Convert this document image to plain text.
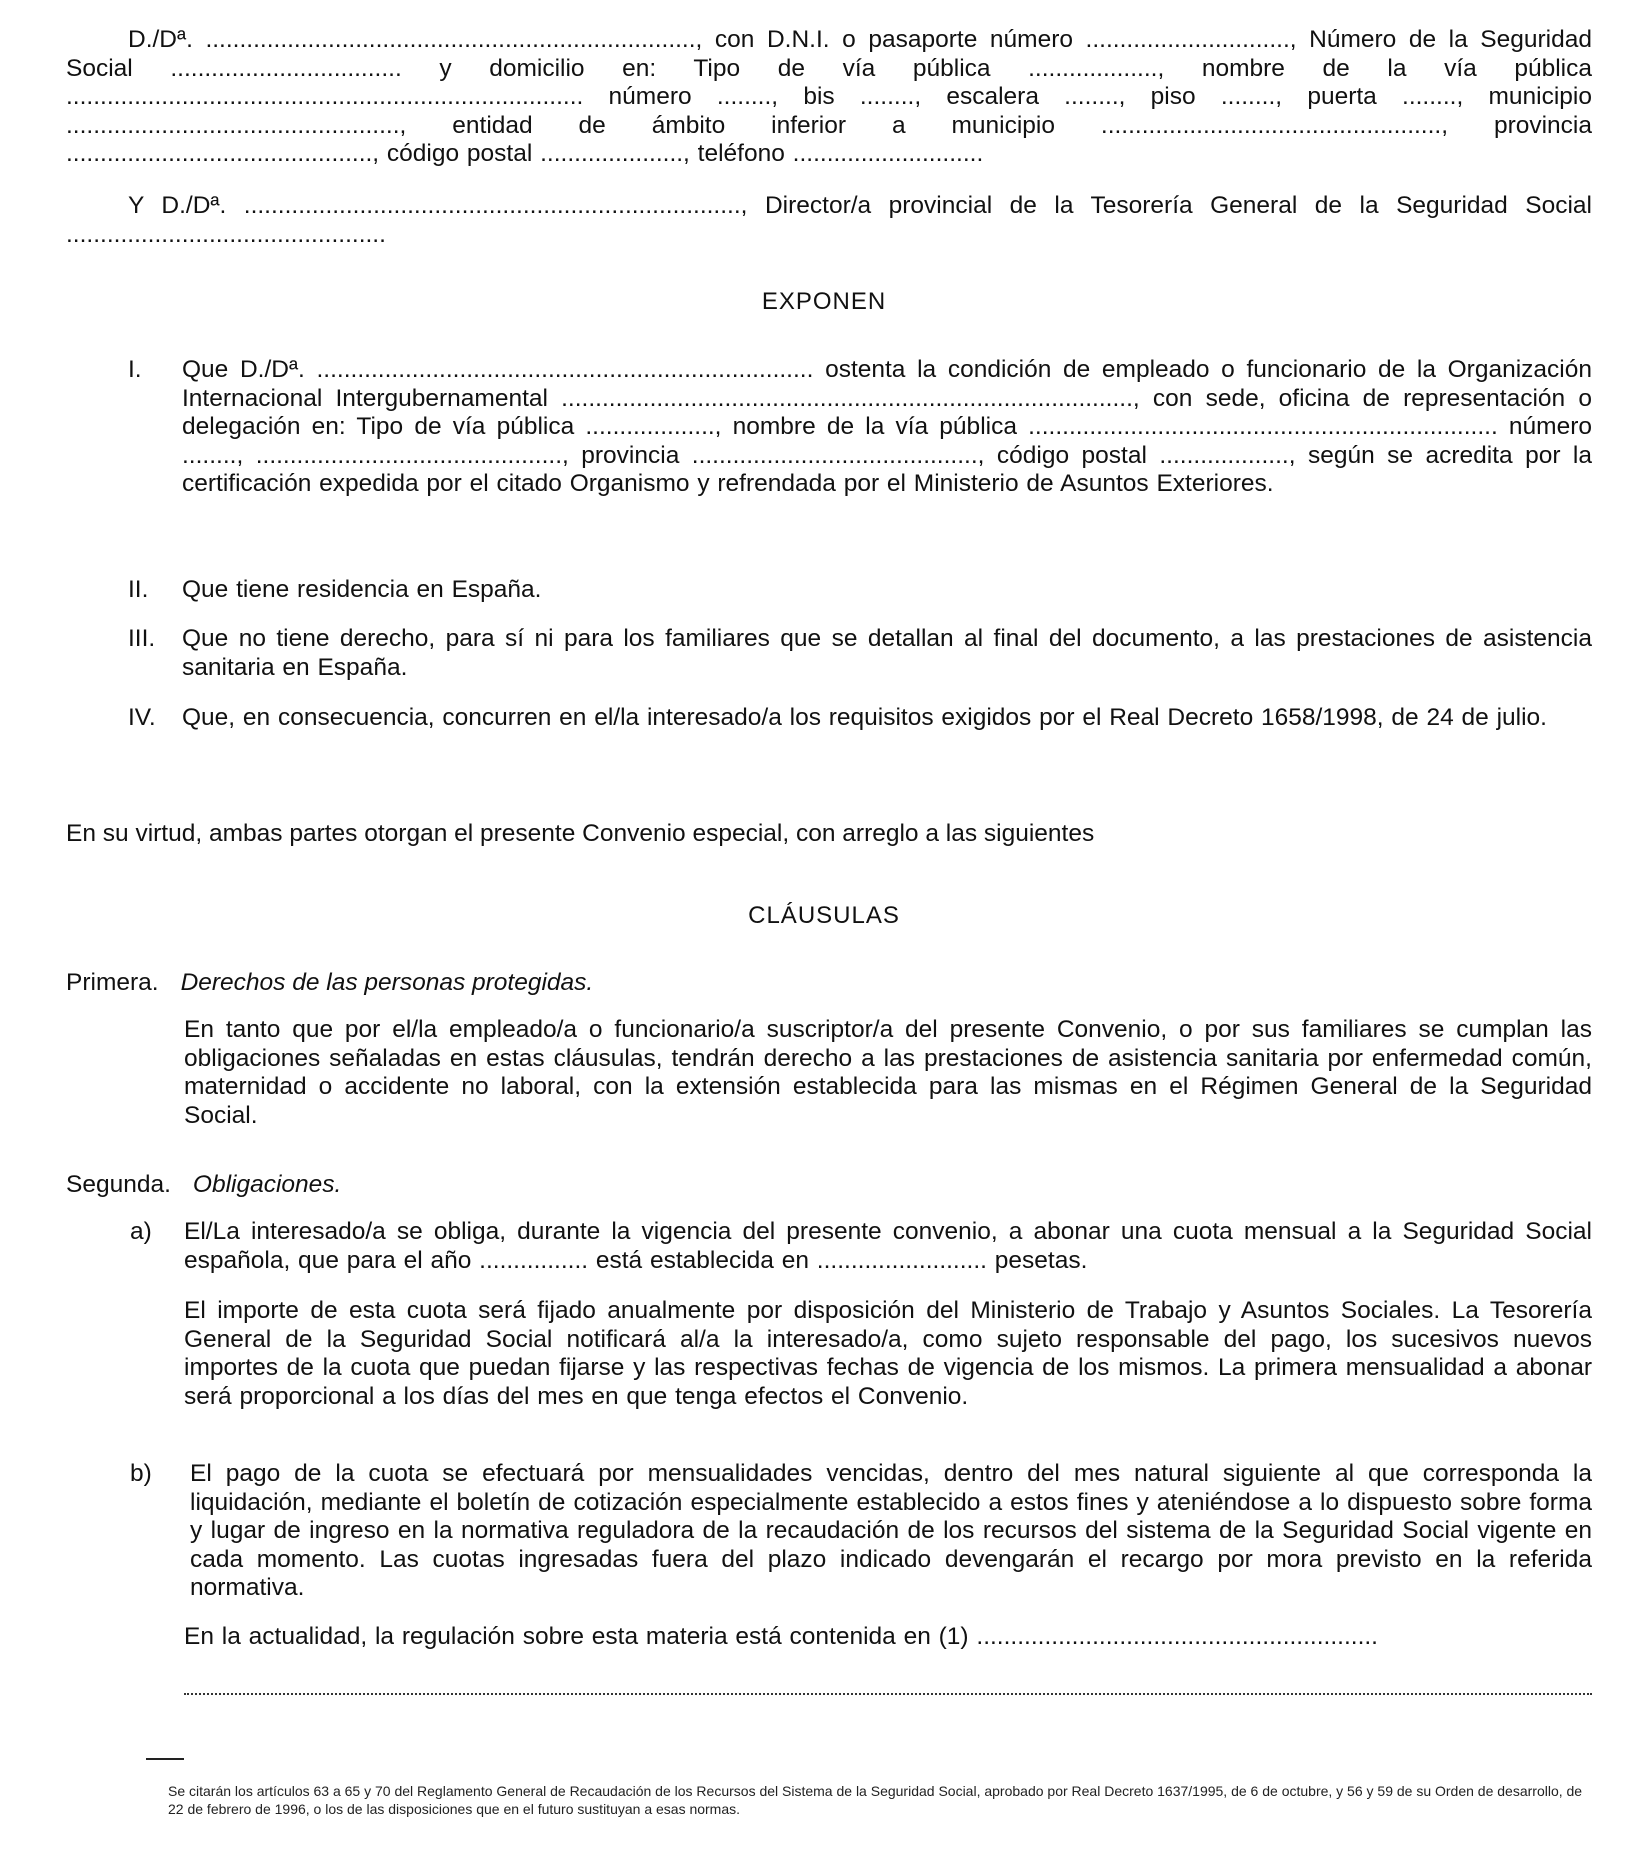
D./Dª. ........................................................................, con D.N.I. o pasaporte número .............................., Número de la Seguridad Social .................................. y domicilio en: Tipo de vía pública ..................., nombre de la vía pública ............................................................................ número ........, bis ........, escalera ........, piso ........, puerta ........, municipio ................................................., entidad de ámbito inferior a municipio .................................................., provincia ............................................., código postal ....................., teléfono ............................
Y D./Dª. ........................................................................., Director/a provincial de la Tesorería General de la Seguridad Social ...............................................
EXPONEN
I. Que D./Dª. ......................................................................... ostenta la condición de empleado o funcionario de la Organización Internacional Intergubernamental ...................................................................................., con sede, oficina de representación o delegación en: Tipo de vía pública ..................., nombre de la vía pública ..................................................................... número ........, ............................................., provincia .........................................., código postal ..................., según se acredita por la certificación expedida por el citado Organismo y refrendada por el Ministerio de Asuntos Exteriores.
II. Que tiene residencia en España.
III. Que no tiene derecho, para sí ni para los familiares que se detallan al final del documento, a las prestaciones de asistencia sanitaria en España.
IV. Que, en consecuencia, concurren en el/la interesado/a los requisitos exigidos por el Real Decreto 1658/1998, de 24 de julio.
En su virtud, ambas partes otorgan el presente Convenio especial, con arreglo a las siguientes
CLÁUSULAS
Primera. Derechos de las personas protegidas.
En tanto que por el/la empleado/a o funcionario/a suscriptor/a del presente Convenio, o por sus familiares se cumplan las obligaciones señaladas en estas cláusulas, tendrán derecho a las prestaciones de asistencia sanitaria por enfermedad común, maternidad o accidente no laboral, con la extensión establecida para las mismas en el Régimen General de la Seguridad Social.
Segunda. Obligaciones.
a) El/La interesado/a se obliga, durante la vigencia del presente convenio, a abonar una cuota mensual a la Seguridad Social española, que para el año ................ está establecida en ......................... pesetas.
El importe de esta cuota será fijado anualmente por disposición del Ministerio de Trabajo y Asuntos Sociales. La Tesorería General de la Seguridad Social notificará al/a la interesado/a, como sujeto responsable del pago, los sucesivos nuevos importes de la cuota que puedan fijarse y las respectivas fechas de vigencia de los mismos. La primera mensualidad a abonar será proporcional a los días del mes en que tenga efectos el Convenio.
b) El pago de la cuota se efectuará por mensualidades vencidas, dentro del mes natural siguiente al que corresponda la liquidación, mediante el boletín de cotización especialmente establecido a estos fines y ateniéndose a lo dispuesto sobre forma y lugar de ingreso en la normativa reguladora de la recaudación de los recursos del sistema de la Seguridad Social vigente en cada momento. Las cuotas ingresadas fuera del plazo indicado devengarán el recargo por mora previsto en la referida normativa.
En la actualidad, la regulación sobre esta materia está contenida en (1) ...........................................................
Se citarán los artículos 63 a 65 y 70 del Reglamento General de Recaudación de los Recursos del Sistema de la Seguridad Social, aprobado por Real Decreto 1637/1995, de 6 de octubre, y 56 y 59 de su Orden de desarrollo, de 22 de febrero de 1996, o los de las disposiciones que en el futuro sustituyan a esas normas.
